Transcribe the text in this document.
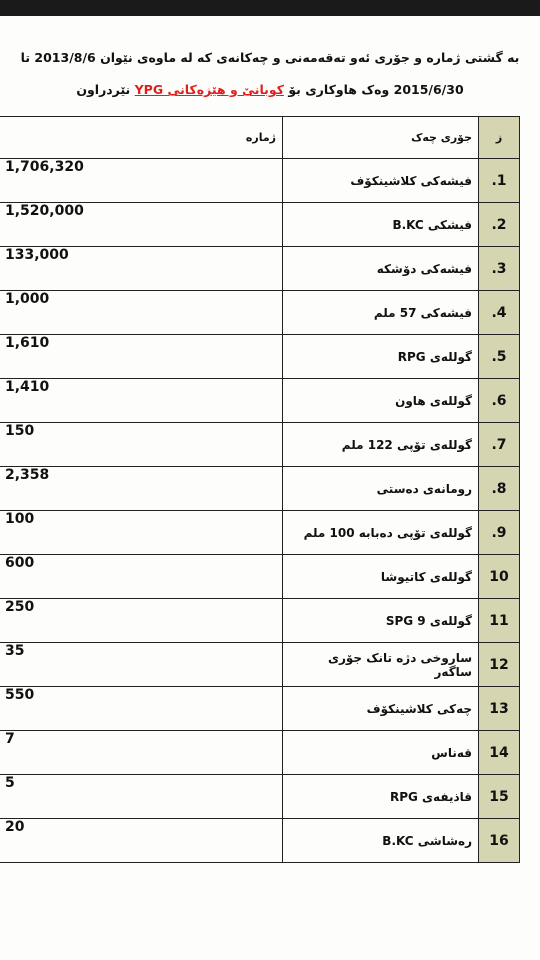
به گشتی ژماره و جۆری ئەو تەقەمەنی و چەکانەی کە لە ماوەی نێوان 2013/8/6 تا
2015/6/30 وەک هاوکاری بۆ کوبانێ و هێزەکانی YPG نێردراون
ز	جۆری چەک	ژمارە
1.	فیشەکی کلاشینکۆف	1,706,320
2.	فیشکی B.KC	1,520,000
3.	فیشەکی دۆشکە	133,000
4.	فیشەکی 57 ملم	1,000
5.	گوللەی RPG	1,610
6.	گوللەی هاون	1,410
7.	گوللەی تۆپی 122 ملم	150
8.	رومانەی دەستی	2,358
9.	گوللەی تۆپی دەبابە 100 ملم	100
10	گوللەی کاتیوشا	600
11	گوللەی SPG 9	250
12	ساروخی دژە تانک جۆری ساگەر	35
13	چەکی کلاشینکۆف	550
14	قەناس	7
15	قاذیفەی RPG	5
16	رەشاشی B.KC	20
